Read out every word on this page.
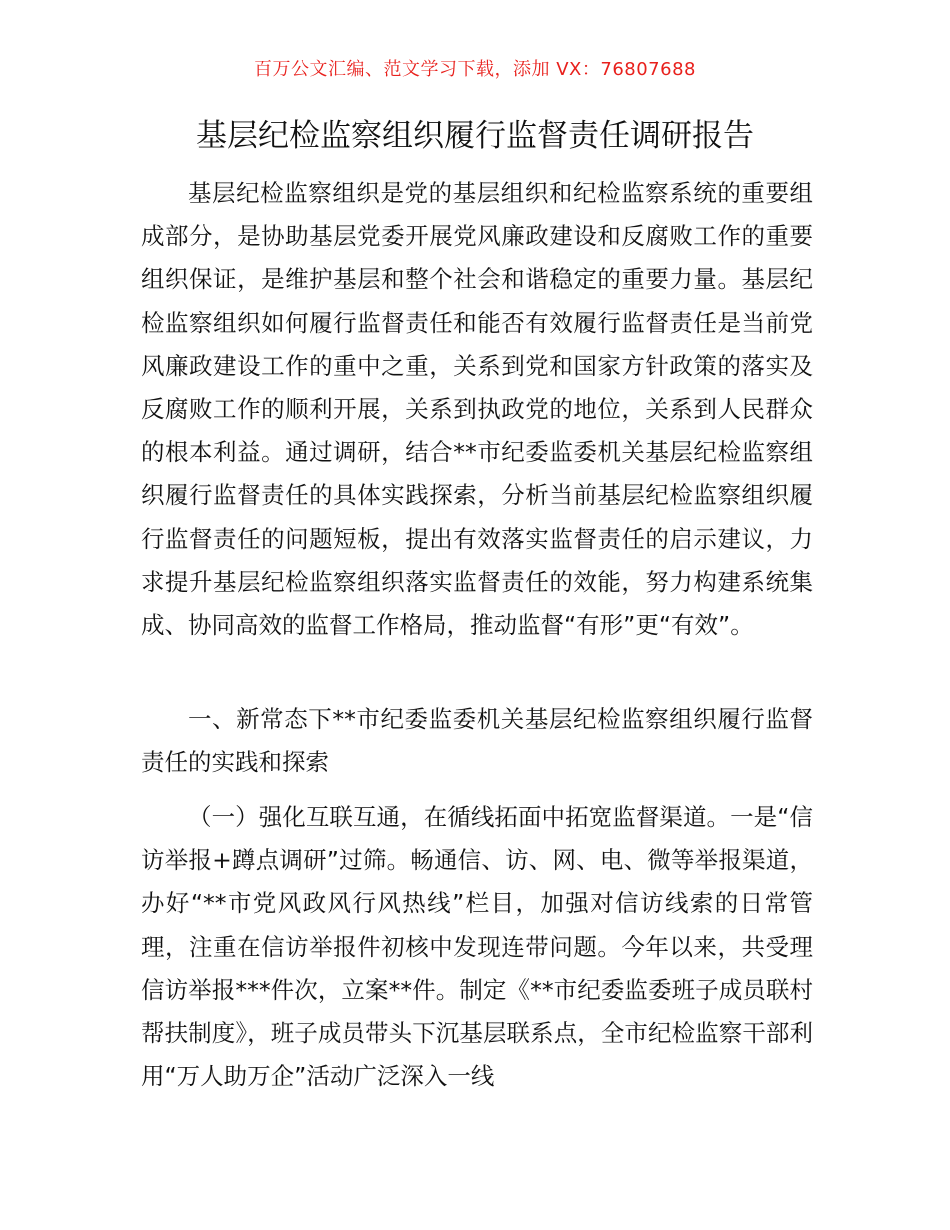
百万公文汇编、范文学习下载，添加 VX：76807688
基层纪检监察组织履行监督责任调研报告

基层纪检监察组织是党的基层组织和纪检监察系统的重要组成部分，是协助基层党委开展党风廉政建设和反腐败工作的重要组织保证，是维护基层和整个社会和谐稳定的重要力量。基层纪检监察组织如何履行监督责任和能否有效履行监督责任是当前党风廉政建设工作的重中之重，关系到党和国家方针政策的落实及反腐败工作的顺利开展，关系到执政党的地位，关系到人民群众的根本利益。通过调研，结合**市纪委监委机关基层纪检监察组织履行监督责任的具体实践探索，分析当前基层纪检监察组织履行监督责任的问题短板，提出有效落实监督责任的启示建议，力求提升基层纪检监察组织落实监督责任的效能，努力构建系统集成、协同高效的监督工作格局，推动监督“有形”更“有效”。

一、新常态下**市纪委监委机关基层纪检监察组织履行监督责任的实践和探索

（一）强化互联互通，在循线拓面中拓宽监督渠道。一是“信访举报+蹲点调研”过筛。畅通信、访、网、电、微等举报渠道，办好“**市党风政风行风热线”栏目，加强对信访线索的日常管理，注重在信访举报件初核中发现连带问题。今年以来，共受理信访举报***件次，立案**件。制定《**市纪委监委班子成员联村帮扶制度》，班子成员带头下沉基层联系点，全市纪检监察干部利用“万人助万企”活动广泛深入一线
